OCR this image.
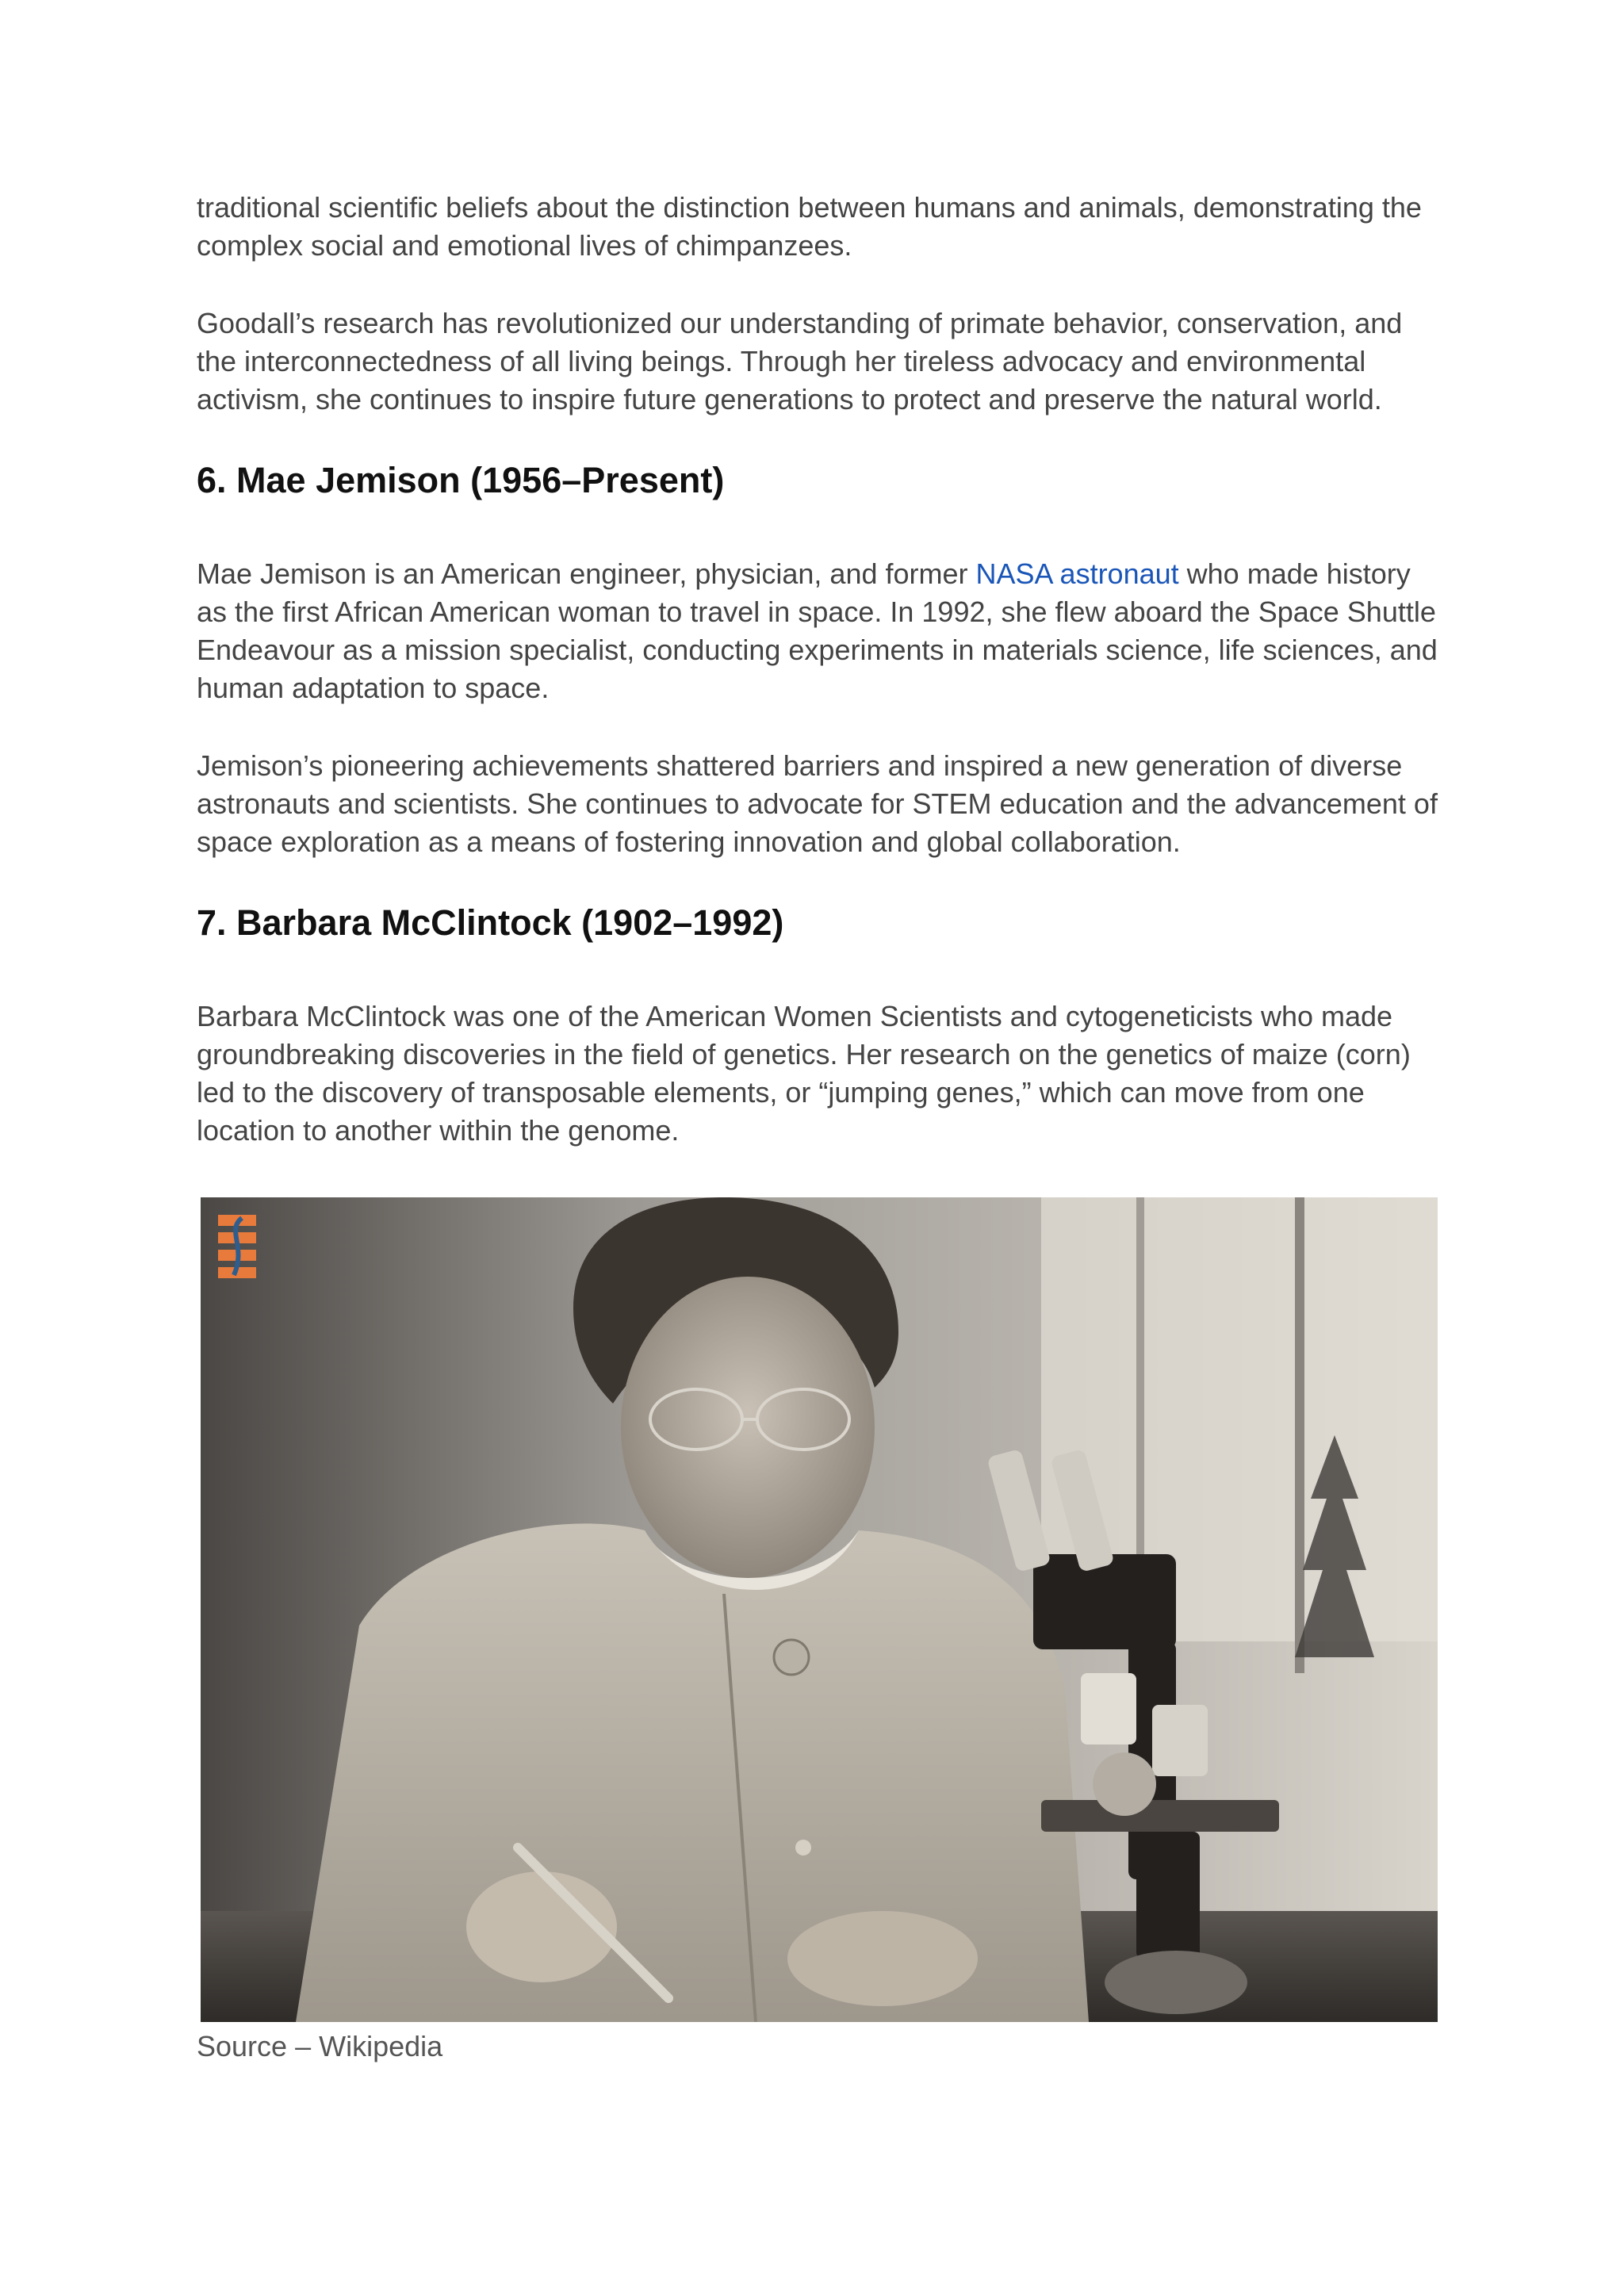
traditional scientific beliefs about the distinction between humans and animals, demonstrating the complex social and emotional lives of chimpanzees.

Goodall’s research has revolutionized our understanding of primate behavior, conservation, and the interconnectedness of all living beings. Through her tireless advocacy and environmental activism, she continues to inspire future generations to protect and preserve the natural world.

6. Mae Jemison (1956–Present)

Mae Jemison is an American engineer, physician, and former NASA astronaut who made history as the first African American woman to travel in space. In 1992, she flew aboard the Space Shuttle Endeavour as a mission specialist, conducting experiments in materials science, life sciences, and human adaptation to space.

Jemison’s pioneering achievements shattered barriers and inspired a new generation of diverse astronauts and scientists. She continues to advocate for STEM education and the advancement of space exploration as a means of fostering innovation and global collaboration.

7. Barbara McClintock (1902–1992)

Barbara McClintock was one of the American Women Scientists and cytogeneticists who made groundbreaking discoveries in the field of genetics. Her research on the genetics of maize (corn) led to the discovery of transposable elements, or “jumping genes,” which can move from one location to another within the genome.

Source – Wikipedia
